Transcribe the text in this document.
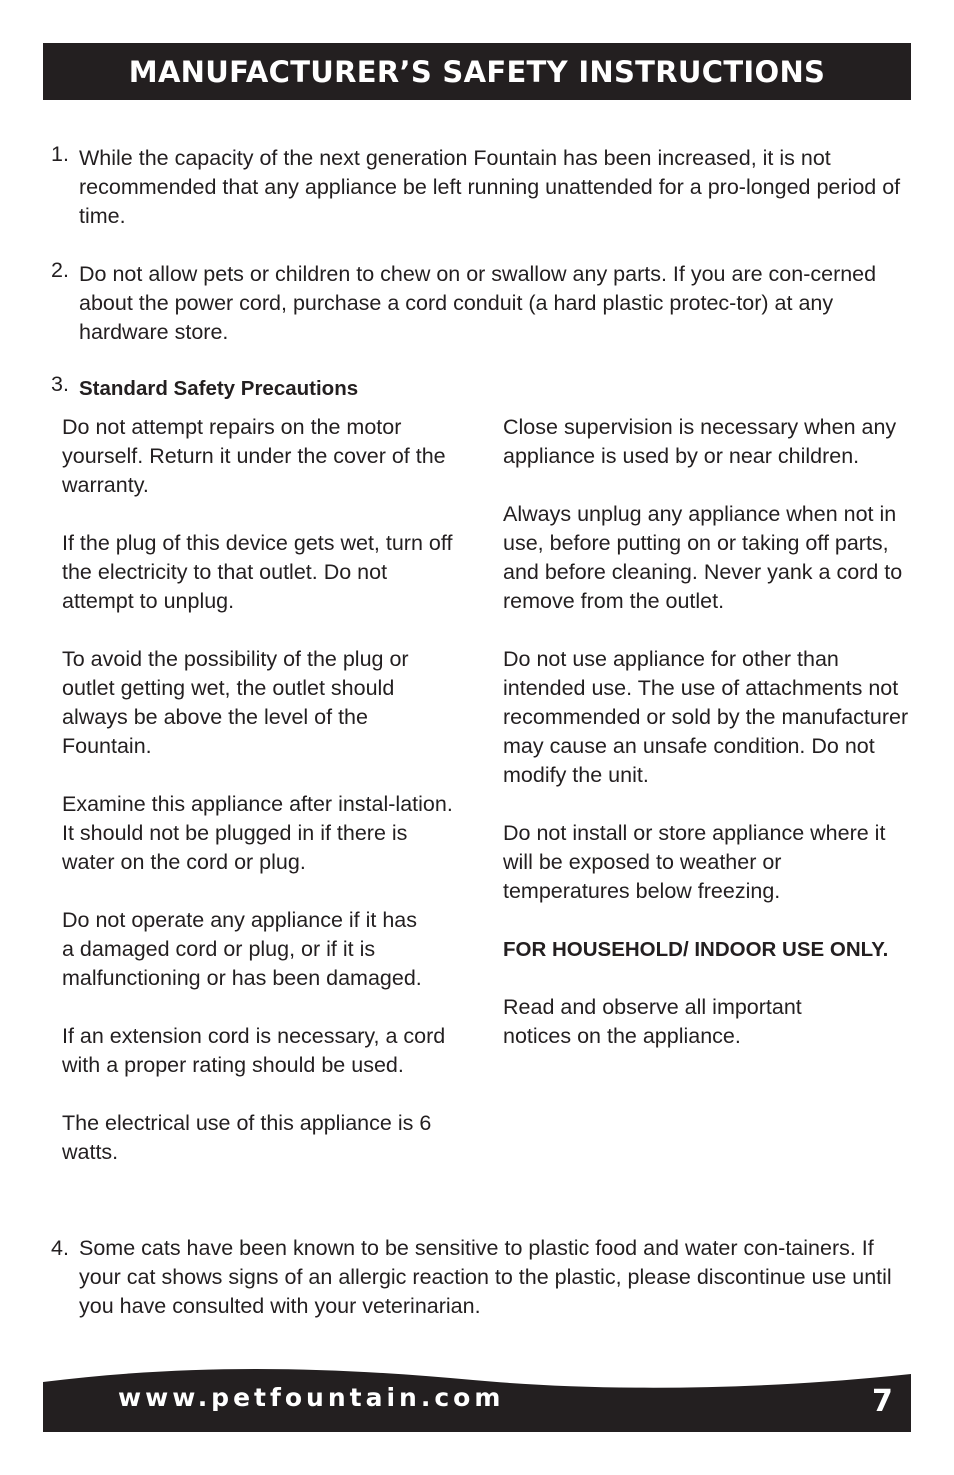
MANUFACTURER’S SAFETY INSTRUCTIONS
1. While the capacity of the next generation Fountain has been increased, it is not recommended that any appliance be left running unattended for a pro-longed period of time.
2. Do not allow pets or children to chew on or swallow any parts. If you are con-cerned about the power cord, purchase a cord conduit (a hard plastic protec-tor) at any hardware store.
3. Standard Safety Precautions

Do not attempt repairs on the motor yourself. Return it under the cover of the warranty.

If the plug of this device gets wet, turn off the electricity to that outlet. Do not attempt to unplug.

To avoid the possibility of the plug or outlet getting wet, the outlet should always be above the level of the Fountain.

Examine this appliance after instal-lation. It should not be plugged in if there is water on the cord or plug.

Do not operate any appliance if it has a damaged cord or plug, or if it is malfunctioning or has been damaged.

If an extension cord is necessary, a cord with a proper rating should be used.

The electrical use of this appliance is 6 watts.

Close supervision is necessary when any appliance is used by or near children.

Always unplug any appliance when not in use, before putting on or taking off parts, and before cleaning. Never yank a cord to remove from the outlet.

Do not use appliance for other than intended use. The use of attachments not recommended or sold by the manufacturer may cause an unsafe condition. Do not modify the unit.

Do not install or store appliance where it will be exposed to weather or temperatures below freezing.

FOR HOUSEHOLD/ INDOOR USE ONLY.

Read and observe all important notices on the appliance.

4. Some cats have been known to be sensitive to plastic food and water con-tainers. If your cat shows signs of an allergic reaction to the plastic, please discontinue use until you have consulted with your veterinarian.
www.petfountain.com	7
